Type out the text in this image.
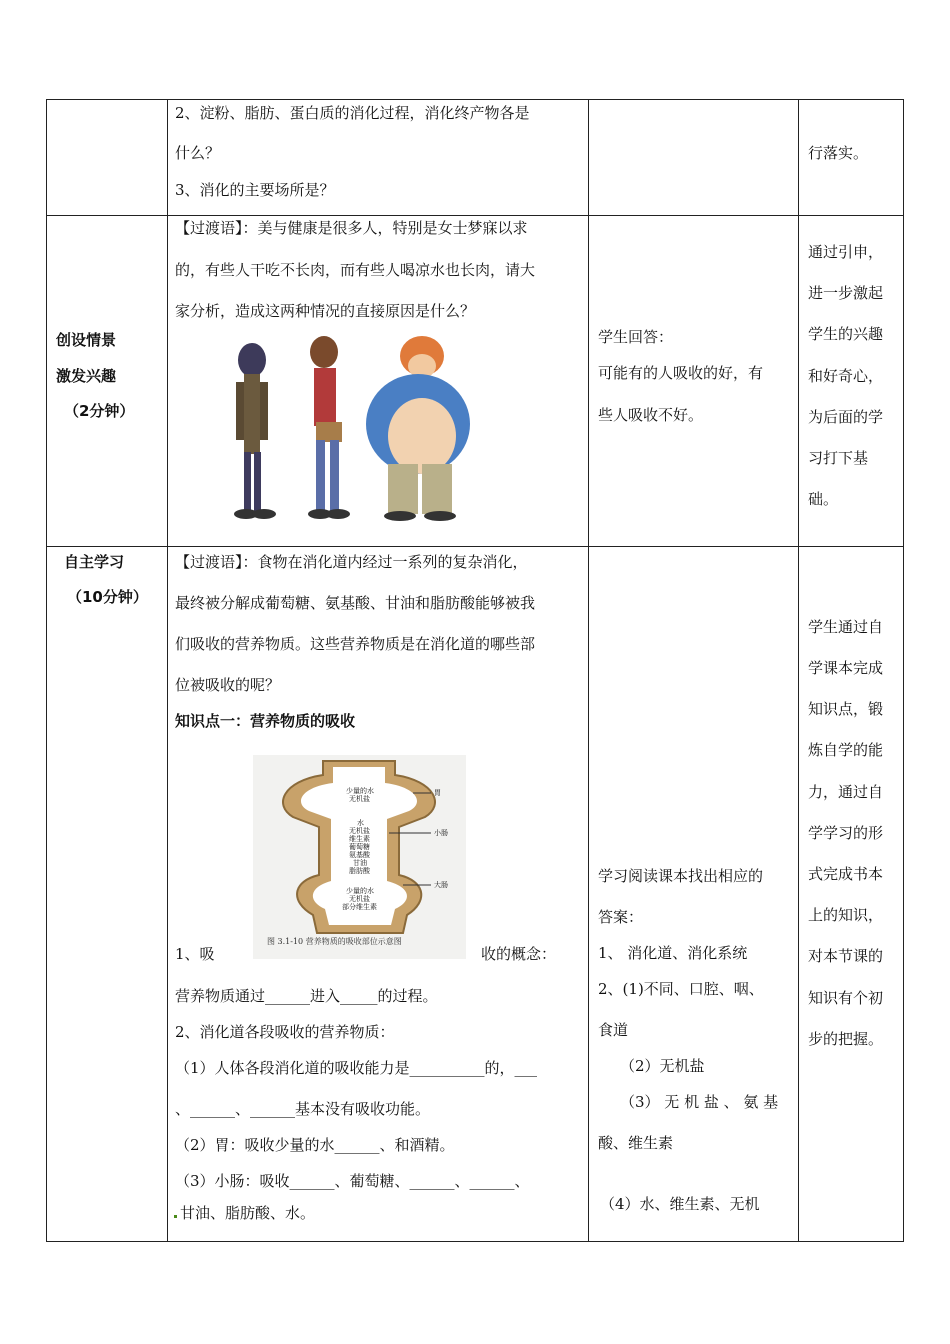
2、淀粉、脂肪、蛋白质的消化过程，消化终产物各是
什么？
3、消化的主要场所是？
行落实。
创设情景
激发兴趣
（2分钟）
【过渡语】：美与健康是很多人，特别是女士梦寐以求
的，有些人干吃不长肉，而有些人喝凉水也长肉，请大
家分析，造成这两种情况的直接原因是什么？
学生回答：
可能有的人吸收的好，有
些人吸收不好。
通过引申，
进一步激起
学生的兴趣
和好奇心，
为后面的学
习打下基
础。
自主学习
（10分钟）
【过渡语】：食物在消化道内经过一系列的复杂消化，
最终被分解成葡萄糖、氨基酸、甘油和脂肪酸能够被我
们吸收的营养物质。这些营养物质是在消化道的哪些部
位被吸收的呢？
知识点一：营养物质的吸收
少量的水
无机盐
水
无机盐
维生素
葡萄糖
氨基酸
甘油
脂肪酸
少量的水
无机盐
部分维生素
胃
小肠
大肠
图 3.1-10 营养物质的吸收部位示意图
1、吸	收的概念：
营养物质通过______进入_____的过程。
2、消化道各段吸收的营养物质：
（1）人体各段消化道的吸收能力是__________的，___
、______、______基本没有吸收功能。
（2）胃：吸收少量的水______、和酒精。
（3）小肠：吸收______、葡萄糖、______、______、
甘油、脂肪酸、水。
学习阅读课本找出相应的
答案：
1、 消化道、消化系统
2、(1)不同、口腔、咽、
食道
（2）无机盐
（3） 无 机 盐 、 氨 基
酸、维生素
（4）水、维生素、无机
学生通过自
学课本完成
知识点，锻
炼自学的能
力，通过自
学学习的形
式完成书本
上的知识，
对本节课的
知识有个初
步的把握。
